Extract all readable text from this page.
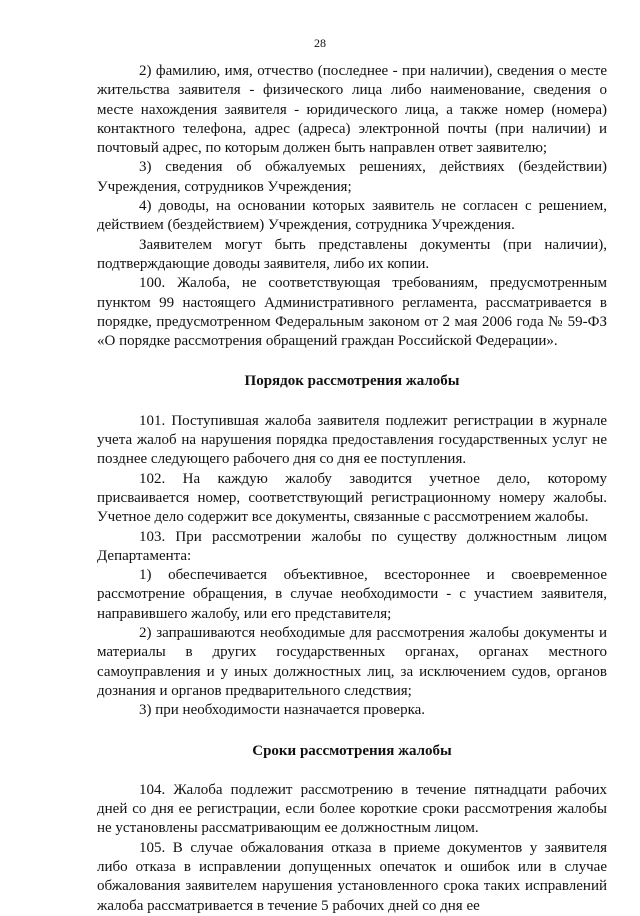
28

2) фамилию, имя, отчество (последнее - при наличии), сведения о месте жительства заявителя - физического лица либо наименование, сведения о месте нахождения заявителя - юридического лица, а также номер (номера) контактного телефона, адрес (адреса) электронной почты (при наличии) и почтовый адрес, по которым должен быть направлен ответ заявителю;

3) сведения об обжалуемых решениях, действиях (бездействии) Учреждения, сотрудников Учреждения;

4) доводы, на основании которых заявитель не согласен с решением, действием (бездействием) Учреждения, сотрудника Учреждения.

Заявителем могут быть представлены документы (при наличии), подтверждающие доводы заявителя, либо их копии.

100. Жалоба, не соответствующая требованиям, предусмотренным пунктом 99 настоящего Административного регламента, рассматривается в порядке, предусмотренном Федеральным законом от 2 мая 2006 года № 59-ФЗ «О порядке рассмотрения обращений граждан Российской Федерации».

Порядок рассмотрения жалобы

101. Поступившая жалоба заявителя подлежит регистрации в журнале учета жалоб на нарушения порядка предоставления государственных услуг не позднее следующего рабочего дня со дня ее поступления.

102. На каждую жалобу заводится учетное дело, которому присваивается номер, соответствующий регистрационному номеру жалобы. Учетное дело содержит все документы, связанные с рассмотрением жалобы.

103. При рассмотрении жалобы по существу должностным лицом Департамента:

1) обеспечивается объективное, всестороннее и своевременное рассмотрение обращения, в случае необходимости - с участием заявителя, направившего жалобу, или его представителя;

2) запрашиваются необходимые для рассмотрения жалобы документы и материалы в других государственных органах, органах местного самоуправления и у иных должностных лиц, за исключением судов, органов дознания и органов предварительного следствия;

3) при необходимости назначается проверка.

Сроки рассмотрения жалобы

104. Жалоба подлежит рассмотрению в течение пятнадцати рабочих дней со дня ее регистрации, если более короткие сроки рассмотрения жалобы не установлены рассматривающим ее должностным лицом.

105. В случае обжалования отказа в приеме документов у заявителя либо отказа в исправлении допущенных опечаток и ошибок или в случае обжалования заявителем нарушения установленного срока таких исправлений жалоба рассматривается в течение 5 рабочих дней со дня ее
